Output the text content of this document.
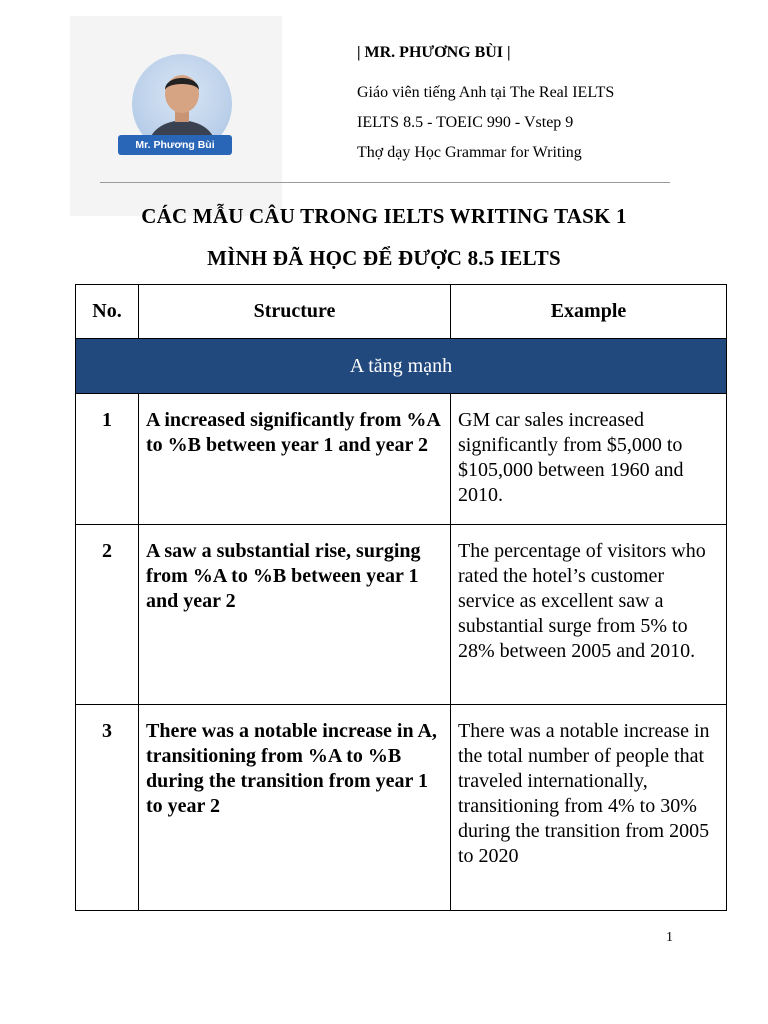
Mr. Phương Bùi
| MR. PHƯƠNG BÙI |
Giáo viên tiếng Anh tại The Real IELTS
IELTS 8.5 - TOEIC 990 - Vstep 9
Thợ dạy Học Grammar for Writing
CÁC MẪU CÂU TRONG IELTS WRITING TASK 1
MÌNH ĐÃ HỌC ĐỂ ĐƯỢC 8.5 IELTS
No.	Structure	Example
A tăng mạnh		
1	A increased significantly from %A to %B between year 1 and year 2	GM car sales increased significantly from $5,000 to $105,000 between 1960 and 2010.
2	A saw a substantial rise, surging from %A to %B between year 1 and year 2	The percentage of visitors who rated the hotel’s customer service as excellent saw a substantial surge from 5% to 28% between 2005 and 2010.
3	There was a notable increase in A, transitioning from %A to %B during the transition from year 1 to year 2	There was a notable increase in the total number of people that traveled internationally, transitioning from 4% to 30% during the transition from 2005 to 2020
1
